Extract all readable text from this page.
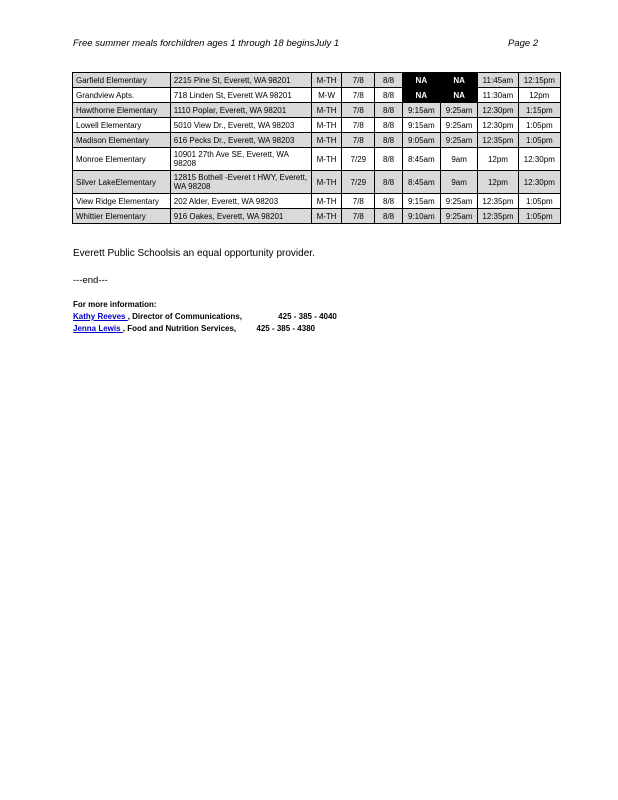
Free summer meals forchildren ages 1 through 18 beginsJuly 1	Page 2
Garfield Elementary	2215 Pine St, Everett, WA 98201	M-TH	7/8	8/8	NA	NA	11:45am	12:15pm
Grandview Apts.	718 Linden St, Everett WA 98201	M-W	7/8	8/8	NA	NA	11:30am	12pm
Hawthorne Elementary	1110 Poplar, Everett, WA 98201	M-TH	7/8	8/8	9:15am	9:25am	12:30pm	1:15pm
Lowell Elementary	5010 View Dr., Everett, WA 98203	M-TH	7/8	8/8	9:15am	9:25am	12:30pm	1:05pm
Madison Elementary	616 Pecks Dr., Everett, WA 98203	M-TH	7/8	8/8	9:05am	9:25am	12:35pm	1:05pm
Monroe Elementary	10901 27th Ave SE, Everett, WA 98208	M-TH	7/29	8/8	8:45am	9am	12pm	12:30pm
Silver LakeElementary	12815 Bothell -Everet t HWY, Everett, WA 98208	M-TH	7/29	8/8	8:45am	9am	12pm	12:30pm
View Ridge Elementary	202 Alder, Everett, WA 98203	M-TH	7/8	8/8	9:15am	9:25am	12:35pm	1:05pm
Whittier Elementary	916 Oakes, Everett, WA 98201	M-TH	7/8	8/8	9:10am	9:25am	12:35pm	1:05pm
Everett Public Schoolsis an equal opportunity provider.
---end---
For more information:
Kathy Reeves , Director of Communications,	425 - 385 - 4040
Jenna Lewis , Food and Nutrition Services,	425 - 385 - 4380
